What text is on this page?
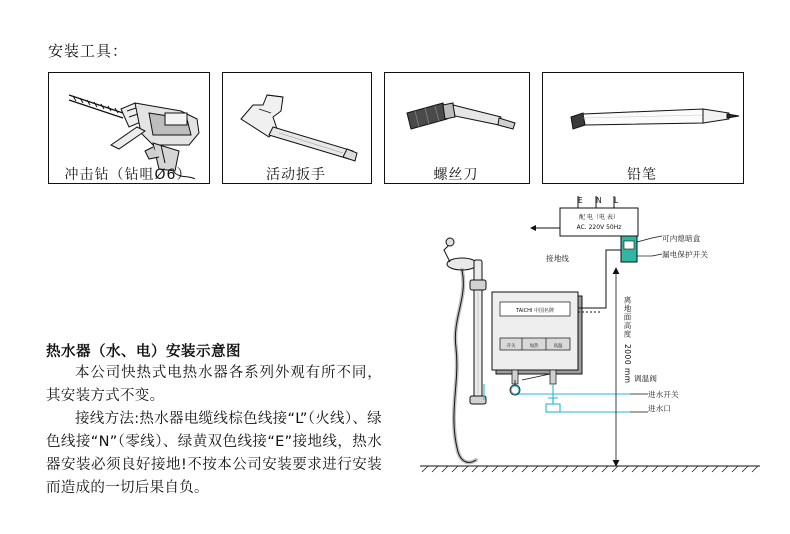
安装工具：
冲击钻（钻咀Ø6）	活动扳手	螺丝刀	铅笔
热水器（水、电）安装示意图

本公司快热式电热水器各系列外观有所不同，其安装方式不变。

接线方法:热水器电缆线棕色线接“L”（火线）、绿色线接“N”（零线）、绿黄双色线接“E”接地线，热水器安装必须良好接地!不按本公司安装要求进行安装而造成的一切后果自负。

TAICHI 中国名牌
开关	加热	高温
配 电（电 表）
AC. 220V 50Hz
E N L
接地线
可内熄暗盒
漏电保护开关
离地面高度
2000 mm 调温阀
进水开关
进水口
